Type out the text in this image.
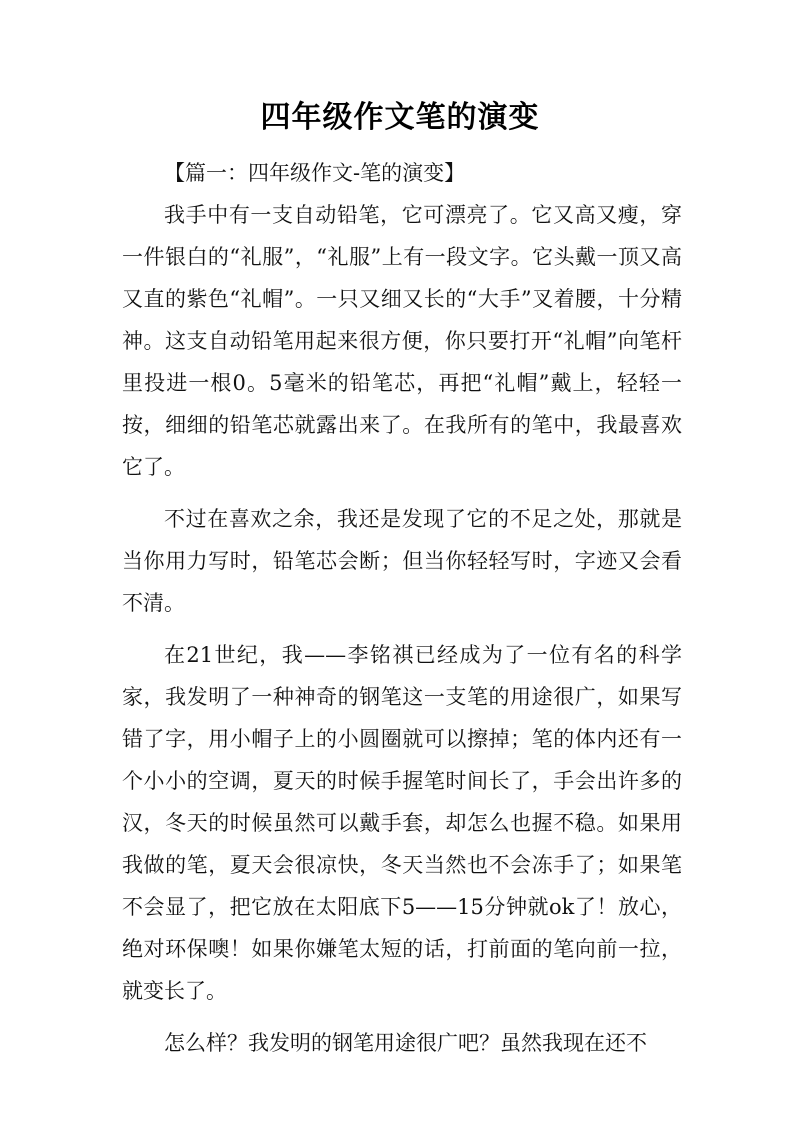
四年级作文笔的演变

【篇一：四年级作文-笔的演变】

我手中有一支自动铅笔，它可漂亮了。它又高又瘦，穿一件银白的“礼服”，“礼服”上有一段文字。它头戴一顶又高又直的紫色“礼帽”。一只又细又长的“大手”叉着腰，十分精神。这支自动铅笔用起来很方便，你只要打开“礼帽”向笔杆里投进一根0。5毫米的铅笔芯，再把“礼帽”戴上，轻轻一按，细细的铅笔芯就露出来了。在我所有的笔中，我最喜欢它了。

不过在喜欢之余，我还是发现了它的不足之处，那就是当你用力写时，铅笔芯会断；但当你轻轻写时，字迹又会看不清。

在21世纪，我——李铭祺已经成为了一位有名的科学家，我发明了一种神奇的钢笔这一支笔的用途很广，如果写错了字，用小帽子上的小圆圈就可以擦掉；笔的体内还有一个小小的空调，夏天的时候手握笔时间长了，手会出许多的汉，冬天的时候虽然可以戴手套，却怎么也握不稳。如果用我做的笔，夏天会很凉快，冬天当然也不会冻手了；如果笔不会显了，把它放在太阳底下5——15分钟就ok了！放心，绝对环保噢！如果你嫌笔太短的话，打前面的笔向前一拉，就变长了。

怎么样？我发明的钢笔用途很广吧？虽然我现在还不
